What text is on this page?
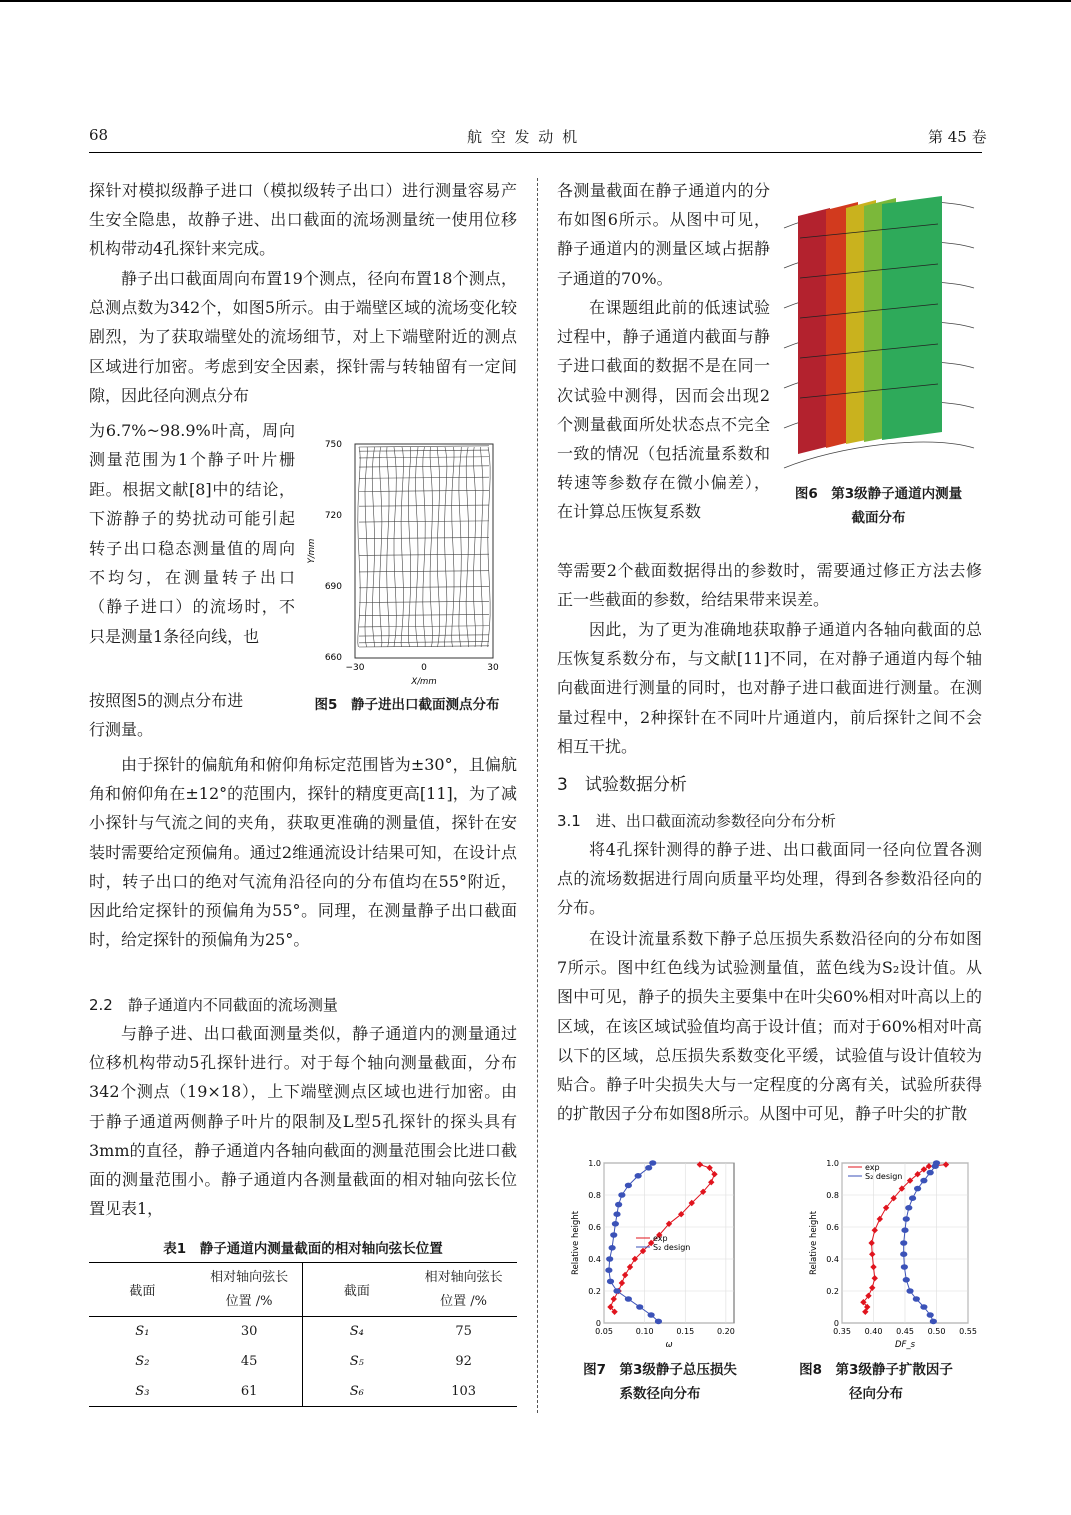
68	航 空 发 动 机	第 45 卷

探针对模拟级静子进口（模拟级转子出口）进行测量容易产生安全隐患，故静子进、出口截面的流场测量统一使用位移机构带动4孔探针来完成。

静子出口截面周向布置19个测点，径向布置18个测点，总测点数为342个，如图5所示。由于端壁区域的流场变化较剧烈，为了获取端壁处的流场细节，对上下端壁附近的测点区域进行加密。考虑到安全因素，探针需与转轴留有一定间隙，因此径向测点分布

为6.7%~98.9%叶高，周向测量范围为1个静子叶片栅距。根据文献[8]中的结论，下游静子的势扰动可能引起转子出口稳态测量值的周向不均匀，在测量转子出口（静子进口）的流场时，不只是测量1条径向线，也

按照图5的测点分布进
行测量。
750
720
690
660
−30	0	30
X/mm
Y/mm
图5　静子进出口截面测点分布

由于探针的偏航角和俯仰角标定范围皆为±30°，且偏航角和俯仰角在±12°的范围内，探针的精度更高[11]，为了减小探针与气流之间的夹角，获取更准确的测量值，探针在安装时需要给定预偏角。通过2维通流设计结果可知，在设计点时，转子出口的绝对气流角沿径向的分布值均在55°附近，因此给定探针的预偏角为55°。同理，在测量静子出口截面时，给定探针的预偏角为25°。

2.2　静子通道内不同截面的流场测量

与静子进、出口截面测量类似，静子通道内的测量通过位移机构带动5孔探针进行。对于每个轴向测量截面，分布342个测点（19×18），上下端壁测点区域也进行加密。由于静子通道两侧静子叶片的限制及L型5孔探针的探头具有3mm的直径，静子通道内各轴向截面的测量范围会比进口截面的测量范围小。静子通道内各测量截面的相对轴向弦长位置见表1，

表1　静子通道内测量截面的相对轴向弦长位置
截面	相对轴向弦长
位置 /%	截面	相对轴向弦长
位置 /%
S₁	30	S₄	75
S₂	45	S₅	92
S₃	61	S₆	103

各测量截面在静子通道内的分布如图6所示。从图中可见，静子通道内的测量区域占据静子通道的70%。

在课题组此前的低速试验过程中，静子通道内截面与静子进口截面的数据不是在同一次试验中测得，因而会出现2个测量截面所处状态点不完全一致的情况（包括流量系数和转速等参数存在微小偏差），在计算总压恢复系数

等需要2个截面数据得出的参数时，需要通过修正方法去修正一些截面的参数，给结果带来误差。

图6　第3级静子通道内测量
截面分布

因此，为了更为准确地获取静子通道内各轴向截面的总压恢复系数分布，与文献[11]不同，在对静子通道内每个轴向截面进行测量的同时，也对静子进口截面进行测量。在测量过程中，2种探针在不同叶片通道内，前后探针之间不会相互干扰。

3　试验数据分析
3.1　进、出口截面流动参数径向分布分析

将4孔探针测得的静子进、出口截面同一径向位置各测点的流场数据进行周向质量平均处理，得到各参数沿径向的分布。

在设计流量系数下静子总压损失系数沿径向的分布如图7所示。图中红色线为试验测量值，蓝色线为S₂设计值。从图中可见，静子的损失主要集中在叶尖60%相对叶高以上的区域，在该区域试验值均高于设计值；而对于60%相对叶高以下的区域，总压损失系数变化平缓，试验值与设计值较为贴合。静子叶尖损失大与一定程度的分离有关，试验所获得的扩散因子分布如图8所示。从图中可见，静子叶尖的扩散

0
0.2
0.4
0.6
0.8
1.0
0.05	0.10	0.15	0.20
ω
Relative height	exp
S₂ design
图7　第3级静子总压损失
系数径向分布
0
0.2
0.4
0.6
0.8
1.0
0.35 0.40 0.45 0.50 0.55
DF_s
Relative height
exp
S₂ design
图8　第3级静子扩散因子
径向分布
